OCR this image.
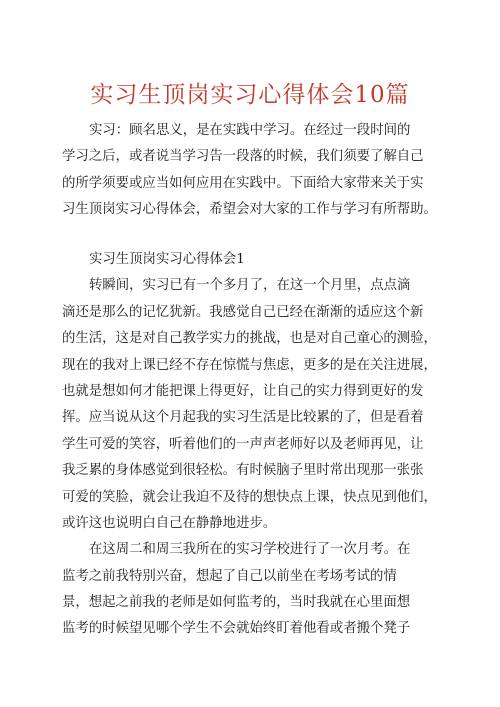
实习生顶岗实习心得体会10篇
实习：顾名思义，是在实践中学习。在经过一段时间的
学习之后，或者说当学习告一段落的时候，我们须要了解自己
的所学须要或应当如何应用在实践中。下面给大家带来关于实
习生顶岗实习心得体会，希望会对大家的工作与学习有所帮助。
实习生顶岗实习心得体会1
转瞬间，实习已有一个多月了，在这一个月里，点点滴
滴还是那么的记忆犹新。我感觉自己已经在渐渐的适应这个新
的生活，这是对自己教学实力的挑战，也是对自己童心的测验，
现在的我对上课已经不存在惊慌与焦虑，更多的是在关注进展，
也就是想如何才能把课上得更好，让自己的实力得到更好的发
挥。应当说从这个月起我的实习生活是比较累的了，但是看着
学生可爱的笑容，听着他们的一声声老师好以及老师再见，让
我乏累的身体感觉到很轻松。有时候脑子里时常出现那一张张
可爱的笑脸，就会让我迫不及待的想快点上课，快点见到他们，
或许这也说明白自己在静静地进步。
在这周二和周三我所在的实习学校进行了一次月考。在
监考之前我特别兴奋，想起了自己以前坐在考场考试的情
景，想起之前我的老师是如何监考的，当时我就在心里面想
监考的时候望见哪个学生不会就始终盯着他看或者搬个凳子
